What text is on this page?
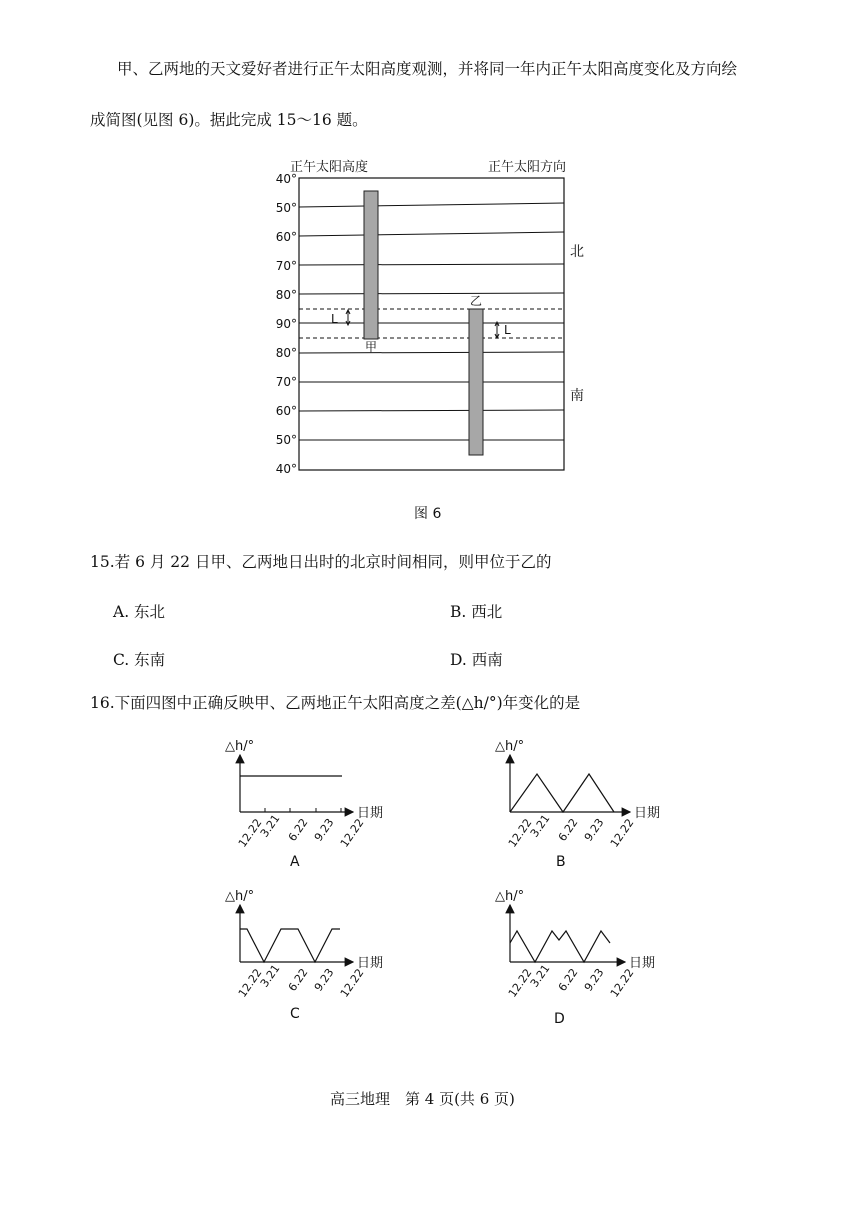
甲、乙两地的天文爱好者进行正午太阳高度观测，并将同一年内正午太阳高度变化及方向绘
成简图(见图 6)。据此完成 15～16 题。
正午太阳高度	正午太阳方向
40°
50°
60°
70°
80°
90°
80°
70°
60°
50°
40°
甲
乙
L
L
北
南
图 6
15.若 6 月 22 日甲、乙两地日出时的北京时间相同，则甲位于乙的
A. 东北	B. 西北
C. 东南	D. 西南
16.下面四图中正确反映甲、乙两地正午太阳高度之差(△h/°)年变化的是
△h/°
日期
12.22
3.21 6.22 9.23 12.22
A
△h/°
日期
12.22
3.21 6.22 9.23 12.22
B
△h/°
日期
12.22
3.21 6.22 9.23 12.22
C
△h/°
日期
12.22
3.21 6.22 9.23 12.22
D
高三地理　第 4 页(共 6 页)
